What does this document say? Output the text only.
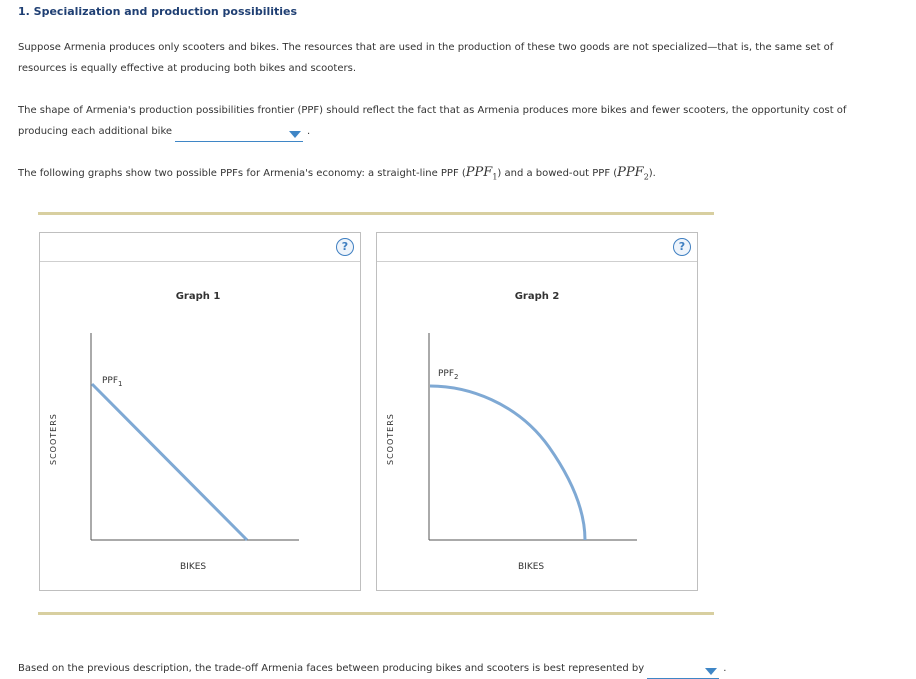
1. Specialization and production possibilities
Suppose Armenia produces only scooters and bikes. The resources that are used in the production of these two goods are not specialized—that is, the same set of resources is equally effective at producing both bikes and scooters.
The shape of Armenia's production possibilities frontier (PPF) should reflect the fact that as Armenia produces more bikes and fewer scooters, the opportunity cost of producing each additional bike	.
The following graphs show two possible PPFs for Armenia's economy: a straight-line PPF $(PPF_1)$ and a bowed-out PPF $(PPF_2)$.
?
Graph 1
$PPF_1$
SCOOTERS
BIKES
?
Graph 2
$PPF_2$
SCOOTERS
BIKES
Based on the previous description, the trade-off Armenia faces between producing bikes and scooters is best represented by	.
